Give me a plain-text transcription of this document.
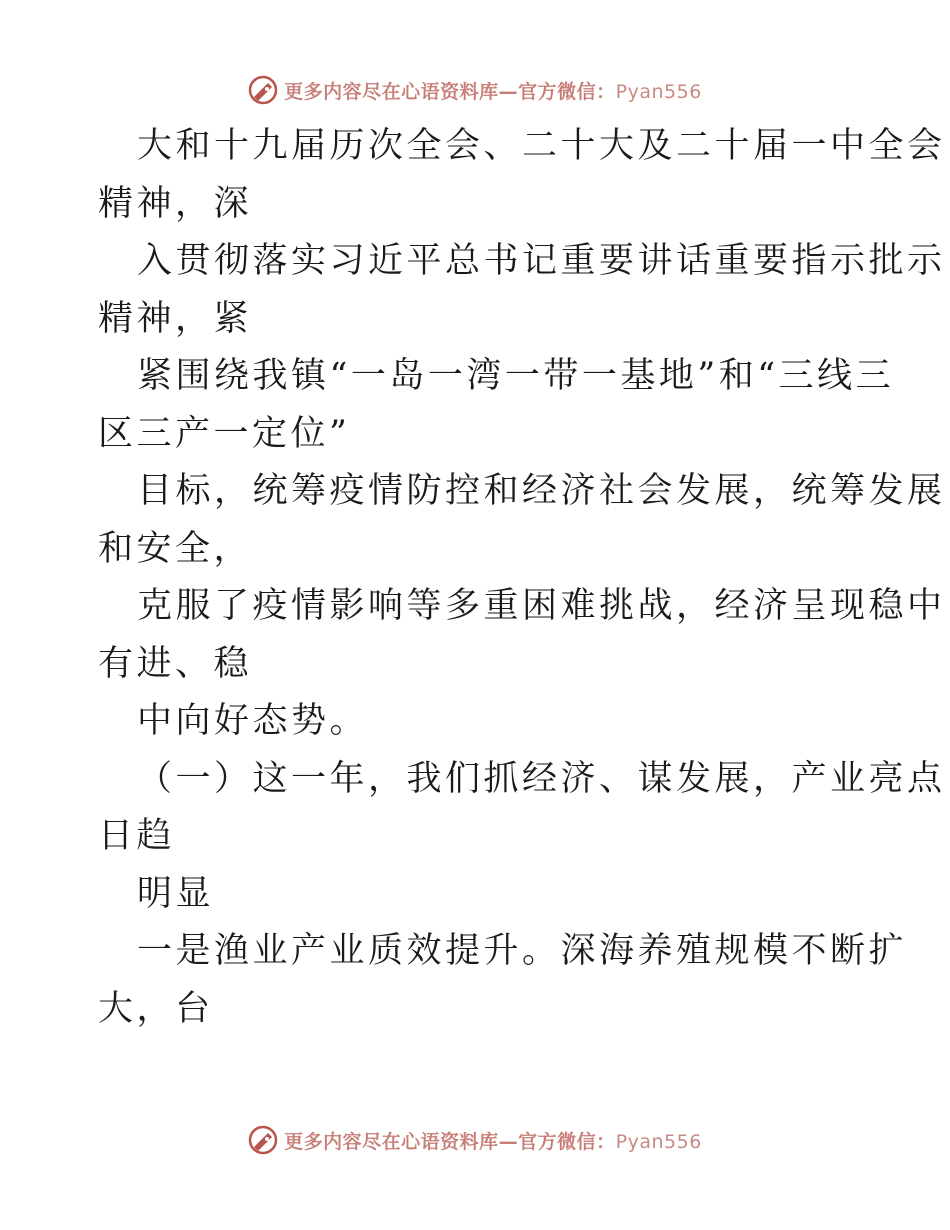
更多内容尽在心语资料库—官方微信：Pyan556
大和十九届历次全会、二十大及二十届一中全会
精神，深
入贯彻落实习近平总书记重要讲话重要指示批示
精神，紧
紧围绕我镇“一岛一湾一带一基地”和“三线三
区三产一定位”
目标，统筹疫情防控和经济社会发展，统筹发展
和安全，
克服了疫情影响等多重困难挑战，经济呈现稳中
有进、稳
中向好态势。
（一）这一年，我们抓经济、谋发展，产业亮点
日趋
明显
一是渔业产业质效提升。深海养殖规模不断扩
大，台
更多内容尽在心语资料库—官方微信：Pyan556
